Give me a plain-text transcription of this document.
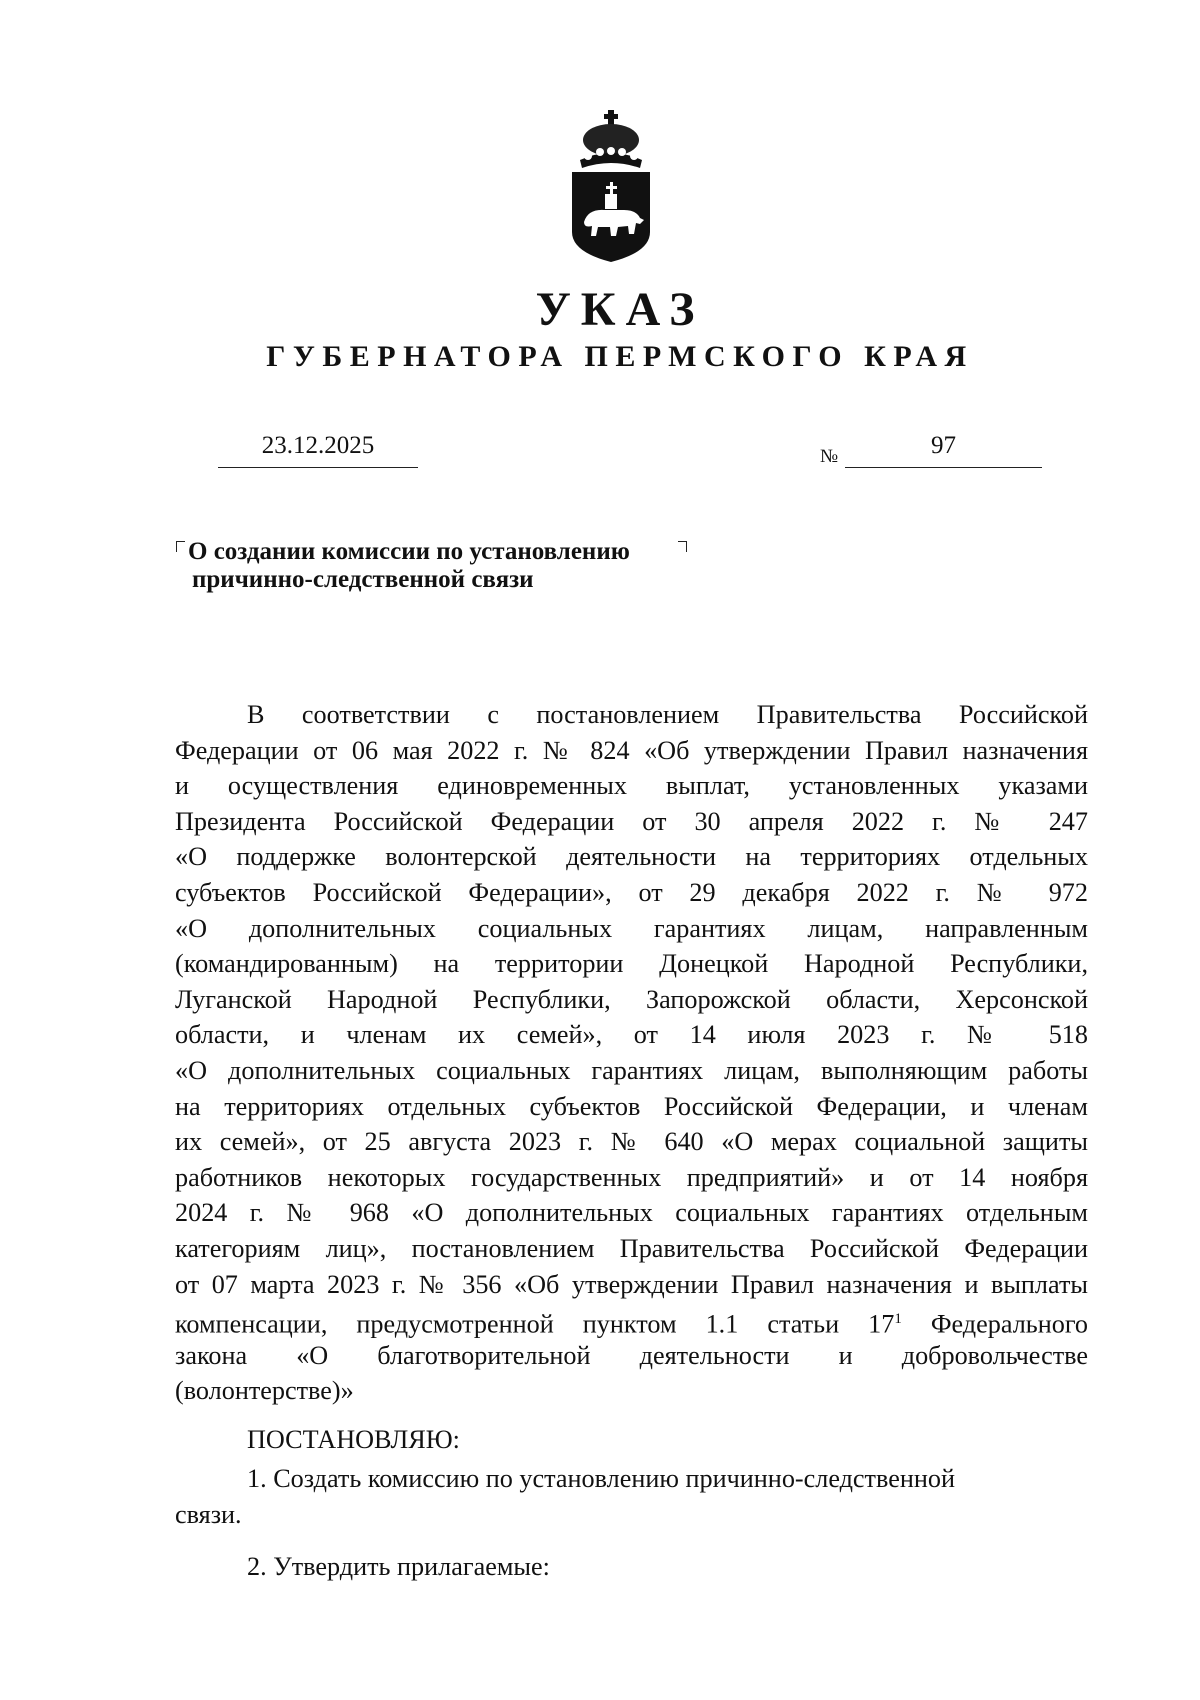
УКАЗ
ГУБЕРНАТОРА ПЕРМСКОГО КРАЯ
23.12.2025	№	97
О создании комиссии по установлению
причинно-следственной связи
В соответствии с постановлением Правительства Российской
Федерации от 06 мая 2022 г. № 824 «Об утверждении Правил назначения
и осуществления единовременных выплат, установленных указами
Президента Российской Федерации от 30 апреля 2022 г. № 247
«О поддержке волонтерской деятельности на территориях отдельных
субъектов Российской Федерации», от 29 декабря 2022 г. № 972
«О дополнительных социальных гарантиях лицам, направленным
(командированным) на территории Донецкой Народной Республики,
Луганской Народной Республики, Запорожской области, Херсонской
области, и членам их семей», от 14 июля 2023 г. № 518
«О дополнительных социальных гарантиях лицам, выполняющим работы
на территориях отдельных субъектов Российской Федерации, и членам
их семей», от 25 августа 2023 г. № 640 «О мерах социальной защиты
работников некоторых государственных предприятий» и от 14 ноября
2024 г. № 968 «О дополнительных социальных гарантиях отдельным
категориям лиц», постановлением Правительства Российской Федерации
от 07 марта 2023 г. № 356 «Об утверждении Правил назначения и выплаты
компенсации, предусмотренной пунктом 1.1 статьи $17^1$ Федерального
закона «О благотворительной деятельности и добровольчестве
(волонтерстве)»
ПОСТАНОВЛЯЮ:
1. Создать комиссию по установлению причинно-следственной
связи.
2. Утвердить прилагаемые:
